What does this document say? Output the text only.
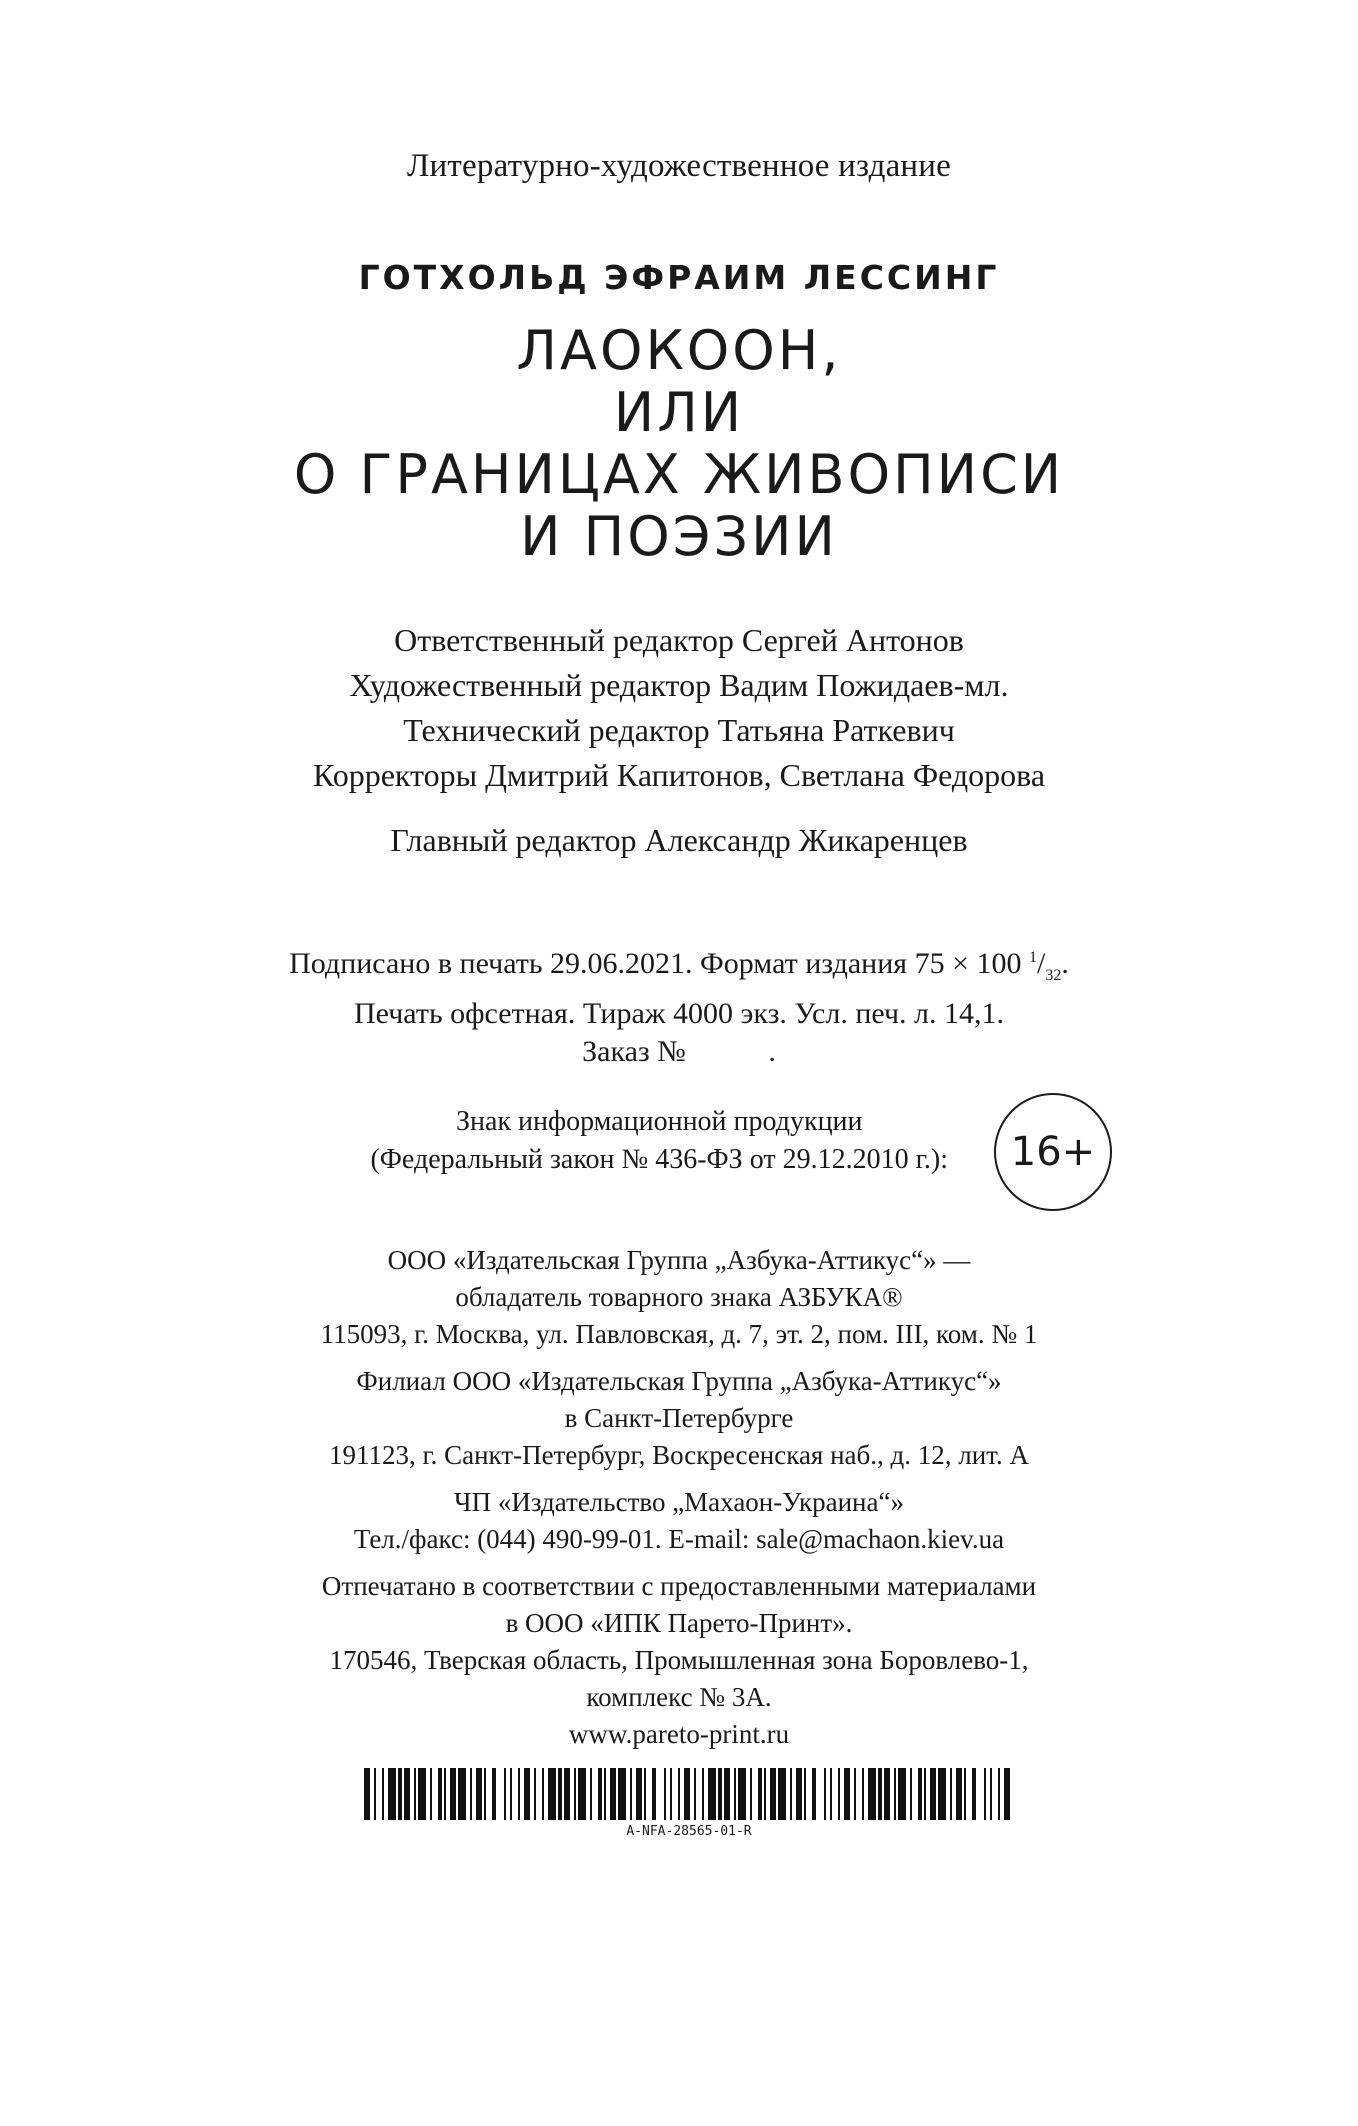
Литературно-художественное издание
ГОТХОЛЬД ЭФРАИМ ЛЕССИНГ
ЛАОКООН,
ИЛИ
О ГРАНИЦАХ ЖИВОПИСИ
И ПОЭЗИИ
Ответственный редактор Сергей Антонов
Художественный редактор Вадим Пожидаев-мл.
Технический редактор Татьяна Раткевич
Корректоры Дмитрий Капитонов, Светлана Федорова
Главный редактор Александр Жикаренцев
Подписано в печать 29.06.2021. Формат издания 75 × 100 $^1/_{32}$.
Печать офсетная. Тираж 4000 экз. Усл. печ. л. 14,1.
Заказ №           .
Знак информационной продукции
(Федеральный закон № 436-ФЗ от 29.12.2010 г.):	16+
ООО «Издательская Группа „Азбука-Аттикус“» —
обладатель товарного знака АЗБУКА®
115093, г. Москва, ул. Павловская, д. 7, эт. 2, пом. III, ком. № 1
Филиал ООО «Издательская Группа „Азбука-Аттикус“»
в Санкт-Петербурге
191123, г. Санкт-Петербург, Воскресенская наб., д. 12, лит. А
ЧП «Издательство „Махаон-Украина“»
Тел./факс: (044) 490-99-01. E-mail: sale@machaon.kiev.ua
Отпечатано в соответствии с предоставленными материалами
в ООО «ИПК Парето-Принт».
170546, Тверская область, Промышленная зона Боровлево-1,
комплекс № 3А.
www.pareto-print.ru
A-NFA-28565-01-R
